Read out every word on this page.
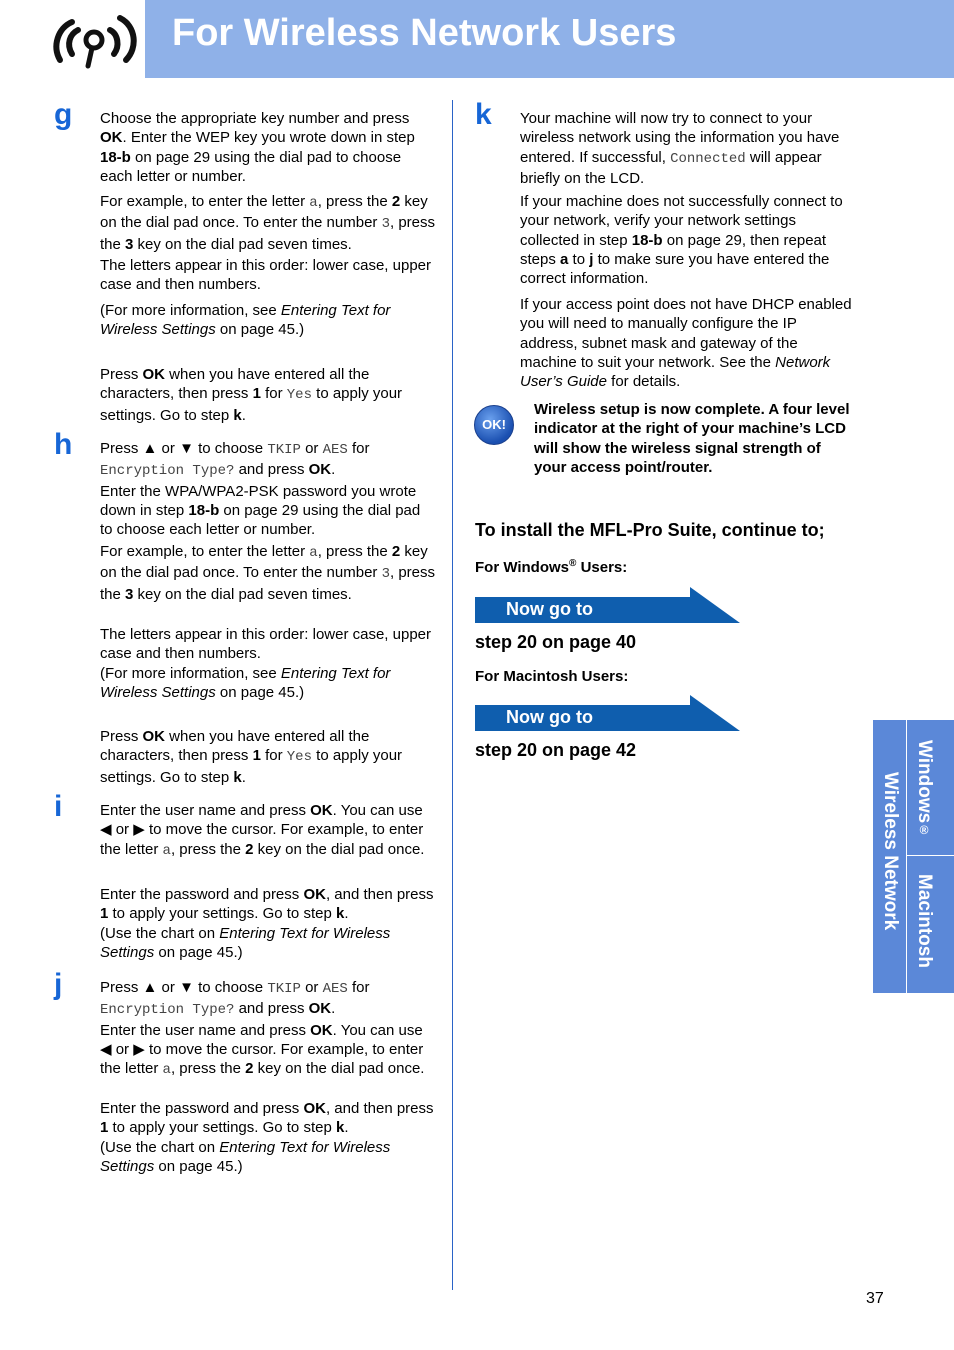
For Wireless Network Users
g Choose the appropriate key number and press OK. Enter the WEP key you wrote down in step 18-b on page 29 using the dial pad to choose each letter or number.

For example, to enter the letter a, press the 2 key on the dial pad once. To enter the number 3, press the 3 key on the dial pad seven times.

The letters appear in this order: lower case, upper case and then numbers.

(For more information, see Entering Text for Wireless Settings on page 45.)

Press OK when you have entered all the characters, then press 1 for Yes to apply your settings. Go to step k.

h Press ▲ or ▼ to choose TKIP or AES for Encryption Type? and press OK.
Enter the WPA/WPA2-PSK password you wrote down in step 18-b on page 29 using the dial pad to choose each letter or number.

For example, to enter the letter a, press the 2 key on the dial pad once. To enter the number 3, press the 3 key on the dial pad seven times.

The letters appear in this order: lower case, upper case and then numbers.
(For more information, see Entering Text for Wireless Settings on page 45.)

Press OK when you have entered all the characters, then press 1 for Yes to apply your settings. Go to step k.

i	Enter the user name and press OK. You can use ◀ or ▶ to move the cursor. For example, to enter the letter a, press the 2 key on the dial pad once.

Enter the password and press OK, and then press 1 to apply your settings. Go to step k.
(Use the chart on Entering Text for Wireless Settings on page 45.)

j	Press ▲ or ▼ to choose TKIP or AES for Encryption Type? and press OK.
Enter the user name and press OK. You can use ◀ or ▶ to move the cursor. For example, to enter the letter a, press the 2 key on the dial pad once.

Enter the password and press OK, and then press 1 to apply your settings. Go to step k.
(Use the chart on Entering Text for Wireless Settings on page 45.)

k Your machine will now try to connect to your wireless network using the information you have entered. If successful, Connected will appear briefly on the LCD.

If your machine does not successfully connect to your network, verify your network settings collected in step 18-b on page 29, then repeat steps a to j to make sure you have entered the correct information.

If your access point does not have DHCP enabled you will need to manually configure the IP address, subnet mask and gateway of the machine to suit your network. See the Network User’s Guide for details.

OK!

Wireless setup is now complete. A four level indicator at the right of your machine’s LCD will show the wireless signal strength of your access point/router.

To install the MFL-Pro Suite, continue to;

For Windows® Users:

Now go to

step 20 on page 40

For Macintosh Users:

Now go to

step 20 on page 42	Windows®
Macintosh
Wireless Network

37
